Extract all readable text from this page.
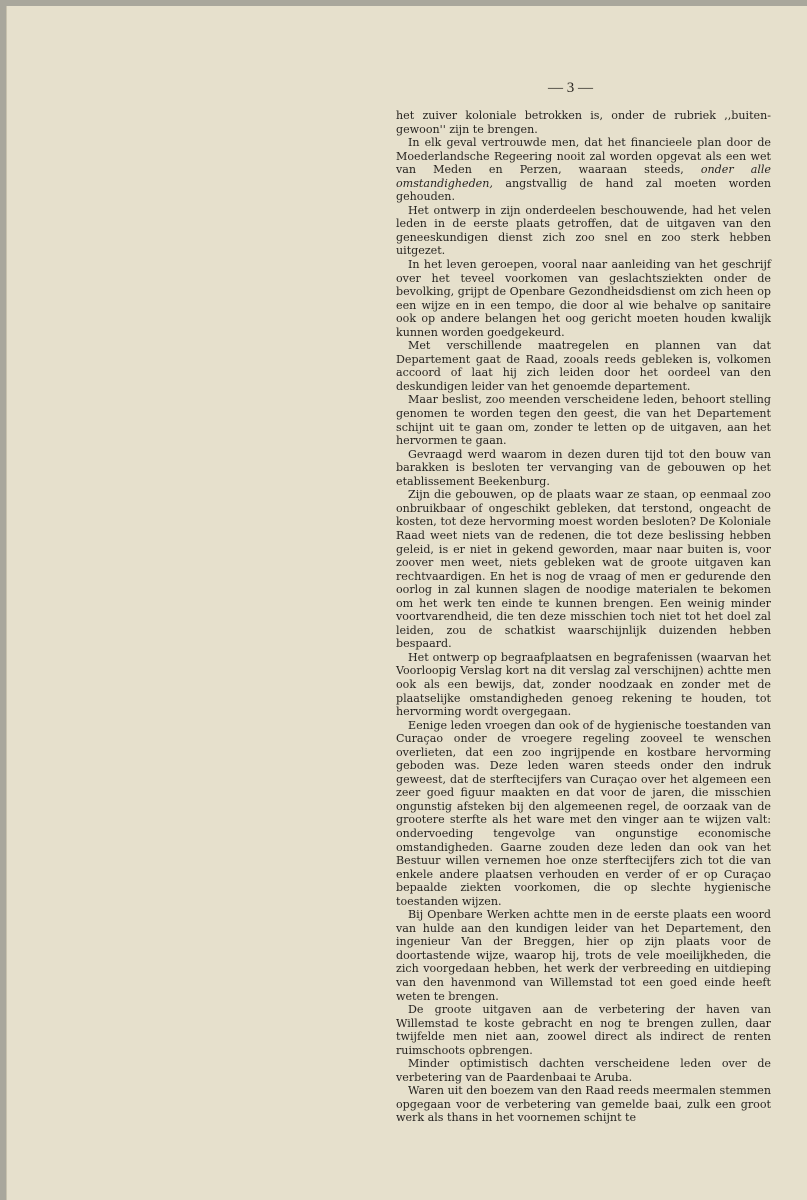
— 3 —

het zuiver koloniale betrokken is, onder de rubriek ,,buiten-gewoon'' zijn te brengen.

In elk geval vertrouwde men, dat het financieele plan door de Moederlandsche Regeering nooit zal worden opgevat als een wet van Meden en Perzen, waaraan steeds, onder alle omstandigheden, angstvallig de hand zal moeten worden gehouden.

Het ontwerp in zijn onderdeelen beschouwende, had het velen leden in de eerste plaats getroffen, dat de uitgaven van den geneeskundigen dienst zich zoo snel en zoo sterk hebben uitgezet.

In het leven geroepen, vooral naar aanleiding van het geschrijf over het teveel voorkomen van geslachtsziekten onder de bevolking, grijpt de Openbare Gezondheidsdienst om zich heen op een wijze en in een tempo, die door al wie behalve op sanitaire ook op andere belangen het oog gericht moeten houden kwalijk kunnen worden goedgekeurd.

Met verschillende maatregelen en plannen van dat Departement gaat de Raad, zooals reeds gebleken is, volkomen accoord of laat hij zich leiden door het oordeel van den deskundigen leider van het genoemde departement.

Maar beslist, zoo meenden verscheidene leden, behoort stelling genomen te worden tegen den geest, die van het Departement schijnt uit te gaan om, zonder te letten op de uitgaven, aan het hervormen te gaan.

Gevraagd werd waarom in dezen duren tijd tot den bouw van barakken is besloten ter vervanging van de gebouwen op het etablissement Beekenburg.

Zijn die gebouwen, op de plaats waar ze staan, op eenmaal zoo onbruikbaar of ongeschikt gebleken, dat terstond, ongeacht de kosten, tot deze hervorming moest worden besloten? De Koloniale Raad weet niets van de redenen, die tot deze beslissing hebben geleid, is er niet in gekend geworden, maar naar buiten is, voor zoover men weet, niets gebleken wat de groote uitgaven kan rechtvaardigen. En het is nog de vraag of men er gedurende den oorlog in zal kunnen slagen de noodige materialen te bekomen om het werk ten einde te kunnen brengen. Een weinig minder voortvarendheid, die ten deze misschien toch niet tot het doel zal leiden, zou de schatkist waarschijnlijk duizenden hebben bespaard.

Het ontwerp op begraafplaatsen en begrafenissen (waarvan het Voorloopig Verslag kort na dit verslag zal verschijnen) achtte men ook als een bewijs, dat, zonder noodzaak en zonder met de plaatselijke omstandigheden genoeg rekening te houden, tot hervorming wordt overgegaan.

Eenige leden vroegen dan ook of de hygienische toestanden van Curaçao onder de vroegere regeling zooveel te wenschen overlieten, dat een zoo ingrijpende en kostbare hervorming geboden was. Deze leden waren steeds onder den indruk geweest, dat de sterftecijfers van Curaçao over het algemeen een zeer goed figuur maakten en dat voor de jaren, die misschien ongunstig afsteken bij den algemeenen regel, de oorzaak van de grootere sterfte als het ware met den vinger aan te wijzen valt: ondervoeding tengevolge van ongunstige economische omstandigheden. Gaarne zouden deze leden dan ook van het Bestuur willen vernemen hoe onze sterftecijfers zich tot die van enkele andere plaatsen verhouden en verder of er op Curaçao bepaalde ziekten voorkomen, die op slechte hygienische toestanden wijzen.

Bij Openbare Werken achtte men in de eerste plaats een woord van hulde aan den kundigen leider van het Departement, den ingenieur Van der Breggen, hier op zijn plaats voor de doortastende wijze, waarop hij, trots de vele moeilijkheden, die zich voorgedaan hebben, het werk der verbreeding en uitdieping van den havenmond van Willemstad tot een goed einde heeft weten te brengen.

De groote uitgaven aan de verbetering der haven van Willemstad te koste gebracht en nog te brengen zullen, daar twijfelde men niet aan, zoowel direct als indirect de renten ruimschoots opbrengen.

Minder optimistisch dachten verscheidene leden over de verbetering van de Paardenbaai te Aruba.

Waren uit den boezem van den Raad reeds meermalen stemmen opgegaan voor de verbetering van gemelde baai, zulk een groot werk als thans in het voornemen schijnt te
